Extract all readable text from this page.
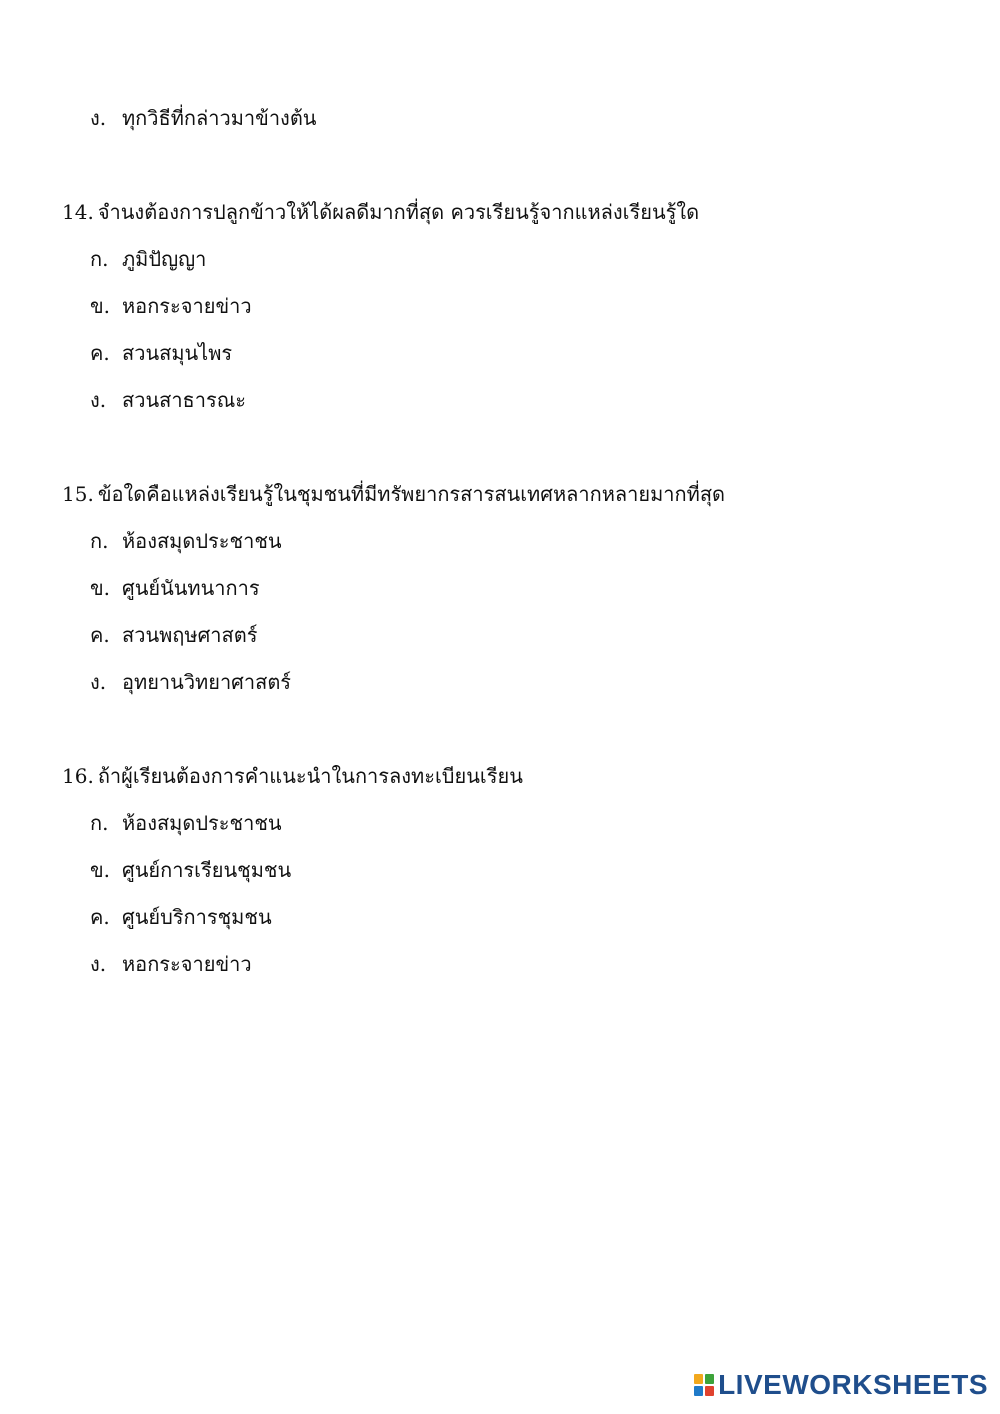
ง. ทุกวิธีที่กล่าวมาข้างต้น
14. จำนงต้องการปลูกข้าวให้ได้ผลดีมากที่สุด ควรเรียนรู้จากแหล่งเรียนรู้ใด
ก. ภูมิปัญญา
ข. หอกระจายข่าว
ค. สวนสมุนไพร
ง. สวนสาธารณะ
15. ข้อใดคือแหล่งเรียนรู้ในชุมชนที่มีทรัพยากรสารสนเทศหลากหลายมากที่สุด
ก. ห้องสมุดประชาชน
ข. ศูนย์นันทนาการ
ค. สวนพฤษศาสตร์
ง. อุทยานวิทยาศาสตร์
16. ถ้าผู้เรียนต้องการคำแนะนำในการลงทะเบียนเรียน
ก. ห้องสมุดประชาชน
ข. ศูนย์การเรียนชุมชน
ค. ศูนย์บริการชุมชน
ง. หอกระจายข่าว
LIVEWORKSHEETS
